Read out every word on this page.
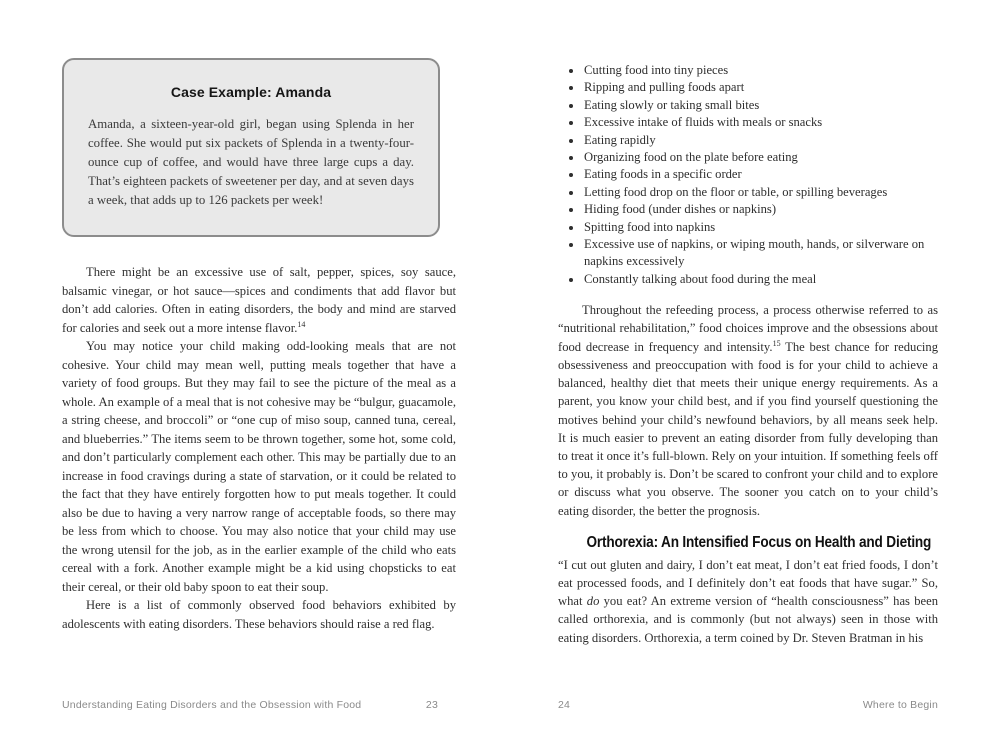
Case Example: Amanda

Amanda, a sixteen-year-old girl, began using Splenda in her coffee. She would put six packets of Splenda in a twenty-four-ounce cup of coffee, and would have three large cups a day. That’s eighteen packets of sweetener per day, and at seven days a week, that adds up to 126 packets per week!

There might be an excessive use of salt, pepper, spices, soy sauce, balsamic vinegar, or hot sauce—spices and condiments that add flavor but don’t add calories. Often in eating disorders, the body and mind are starved for calories and seek out a more intense flavor.$^{14}$

You may notice your child making odd-looking meals that are not cohesive. Your child may mean well, putting meals together that have a variety of food groups. But they may fail to see the picture of the meal as a whole. An example of a meal that is not cohesive may be “bulgur, guacamole, a string cheese, and broccoli” or “one cup of miso soup, canned tuna, cereal, and blueberries.” The items seem to be thrown together, some hot, some cold, and don’t particularly complement each other. This may be partially due to an increase in food cravings during a state of starvation, or it could be related to the fact that they have entirely forgotten how to put meals together. It could also be due to having a very narrow range of acceptable foods, so there may be less from which to choose. You may also notice that your child may use the wrong utensil for the job, as in the earlier example of the child who eats cereal with a fork. Another example might be a kid using chopsticks to eat their cereal, or their old baby spoon to eat their soup.

Here is a list of commonly observed food behaviors exhibited by adolescents with eating disorders. These behaviors should raise a red flag.

Understanding Eating Disorders and the Obsession with Food	23
• Cutting food into tiny pieces
• Ripping and pulling foods apart
• Eating slowly or taking small bites
• Excessive intake of fluids with meals or snacks
• Eating rapidly
• Organizing food on the plate before eating
• Eating foods in a specific order
• Letting food drop on the floor or table, or spilling beverages
• Hiding food (under dishes or napkins)
• Spitting food into napkins
• Excessive use of napkins, or wiping mouth, hands, or silverware on napkins excessively
• Constantly talking about food during the meal

Throughout the refeeding process, a process otherwise referred to as “nutritional rehabilitation,” food choices improve and the obsessions about food decrease in frequency and intensity.$^{15}$ The best chance for reducing obsessiveness and preoccupation with food is for your child to achieve a balanced, healthy diet that meets their unique energy requirements. As a parent, you know your child best, and if you find yourself questioning the motives behind your child’s newfound behaviors, by all means seek help. It is much easier to prevent an eating disorder from fully developing than to treat it once it’s full-blown. Rely on your intuition. If something feels off to you, it probably is. Don’t be scared to confront your child and to explore or discuss what you observe. The sooner you catch on to your child’s eating disorder, the better the prognosis.

Orthorexia: An Intensified Focus on Health and Dieting

“I cut out gluten and dairy, I don’t eat meat, I don’t eat fried foods, I don’t eat processed foods, and I definitely don’t eat foods that have sugar.” So, what do you eat? An extreme version of “health consciousness” has been called orthorexia, and is commonly (but not always) seen in those with eating disorders. Orthorexia, a term coined by Dr. Steven Bratman in his

24	Where to Begin
